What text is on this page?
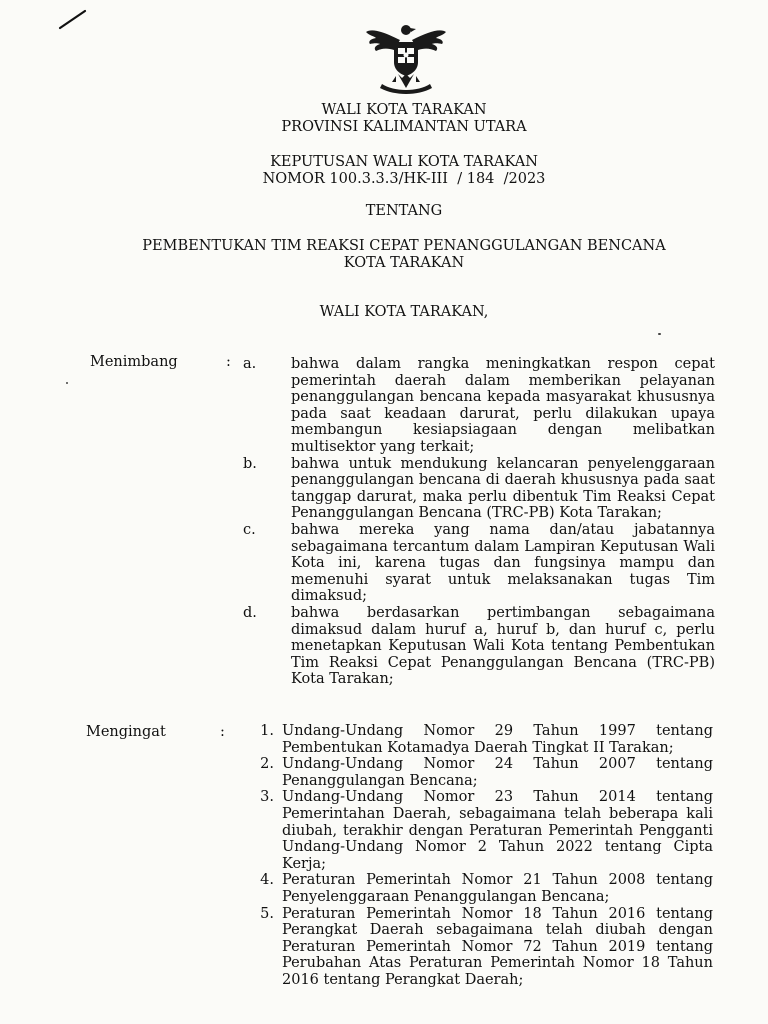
WALI KOTA TARAKAN
PROVINSI KALIMANTAN UTARA
KEPUTUSAN WALI KOTA TARAKAN
NOMOR 100.3.3.3/HK-III  / 184  /2023
TENTANG
PEMBENTUKAN TIM REAKSI CEPAT PENANGGULANGAN BENCANA
KOTA TARAKAN
WALI KOTA TARAKAN,
Menimbang	: a.	bahwa dalam rangka meningkatkan respon cepat pemerintah daerah dalam memberikan pelayanan penanggulangan bencana kepada masyarakat khususnya pada saat keadaan darurat, perlu dilakukan upaya membangun kesiapsiagaan dengan melibatkan multisektor yang terkait;
b.	bahwa untuk mendukung kelancaran penyelenggaraan penanggulangan bencana di daerah khususnya pada saat tanggap darurat, maka perlu dibentuk Tim Reaksi Cepat Penanggulangan Bencana (TRC-PB) Kota Tarakan;
c.	bahwa mereka yang nama dan/atau jabatannya sebagaimana tercantum dalam Lampiran Keputusan Wali Kota ini, karena tugas dan fungsinya mampu dan memenuhi syarat untuk melaksanakan tugas Tim dimaksud;
d.	bahwa berdasarkan pertimbangan sebagaimana dimaksud dalam huruf a, huruf b, dan huruf c, perlu menetapkan Keputusan Wali Kota tentang Pembentukan Tim Reaksi Cepat Penanggulangan Bencana (TRC-PB) Kota Tarakan;
Mengingat	:	1. Undang-Undang Nomor 29 Tahun 1997 tentang Pembentukan Kotamadya Daerah Tingkat II Tarakan;
2. Undang-Undang Nomor 24 Tahun 2007 tentang Penanggulangan Bencana;
3. Undang-Undang Nomor 23 Tahun 2014 tentang Pemerintahan Daerah, sebagaimana telah beberapa kali diubah, terakhir dengan Peraturan Pemerintah Pengganti Undang-Undang Nomor 2 Tahun 2022 tentang Cipta Kerja;
4. Peraturan Pemerintah Nomor 21 Tahun 2008 tentang Penyelenggaraan Penanggulangan Bencana;
5. Peraturan Pemerintah Nomor 18 Tahun 2016 tentang Perangkat Daerah sebagaimana telah diubah dengan Peraturan Pemerintah Nomor 72 Tahun 2019 tentang Perubahan Atas Peraturan Pemerintah Nomor 18 Tahun 2016 tentang Perangkat Daerah;
